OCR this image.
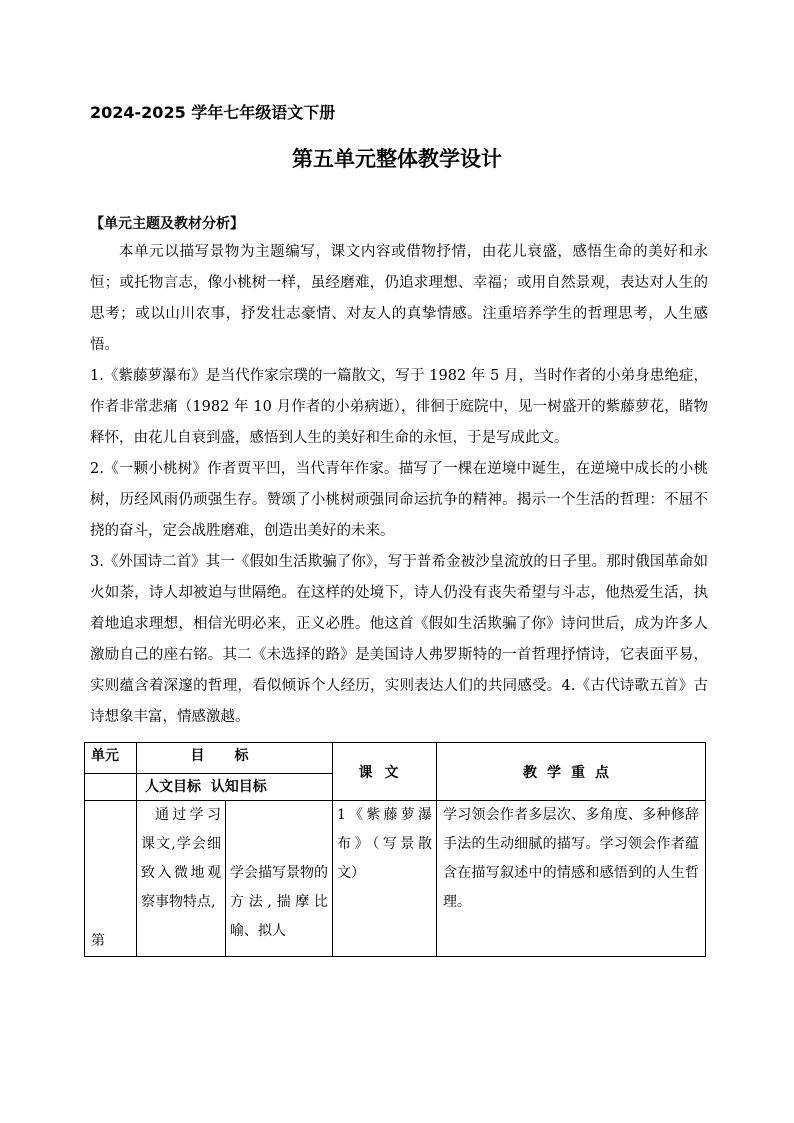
2024-2025 学年七年级语文下册
第五单元整体教学设计
【单元主题及教材分析】

本单元以描写景物为主题编写，课文内容或借物抒情，由花儿衰盛，感悟生命的美好和永恒；或托物言志，像小桃树一样，虽经磨难，仍追求理想、幸福；或用自然景观，表达对人生的思考；或以山川农事，抒发壮志豪情、对友人的真挚情感。注重培养学生的哲理思考，人生感悟。

1.《紫藤萝瀑布》是当代作家宗璞的一篇散文，写于 1982 年 5 月，当时作者的小弟身患绝症，作者非常悲痛（1982 年 10 月作者的小弟病逝），徘徊于庭院中，见一树盛开的紫藤萝花，睹物释怀，由花儿自衰到盛，感悟到人生的美好和生命的永恒，于是写成此文。

2.《一颗小桃树》作者贾平凹，当代青年作家。描写了一棵在逆境中诞生，在逆境中成长的小桃树，历经风雨仍顽强生存。赞颂了小桃树顽强同命运抗争的精神。揭示一个生活的哲理：不屈不挠的奋斗，定会战胜磨难，创造出美好的未来。

3.《外国诗二首》其一《假如生活欺骗了你》，写于普希金被沙皇流放的日子里。那时俄国革命如火如荼，诗人却被迫与世隔绝。在这样的处境下，诗人仍没有丧失希望与斗志，他热爱生活，执着地追求理想，相信光明必来，正义必胜。他这首《假如生活欺骗了你》诗问世后，成为许多人激励自己的座右铭。其二《未选择的路》是美国诗人弗罗斯特的一首哲理抒情诗，它表面平易，实则蕴含着深邃的哲理，看似倾诉个人经历，实则表达人们的共同感受。4.《古代诗歌五首》古诗想象丰富，情感激越。

单元	目标		课文	教学重点
	人文目标 认知目标			
第	通过学习课文,学会细致入微地观察事物特点,	学会描写景物的方法,揣摩比喻、拟人	1《紫藤萝瀑布》（写景散文）	学习领会作者多层次、多角度、多种修辞手法的生动细腻的描写。学习领会作者蕴含在描写叙述中的情感和感悟到的人生哲理。
